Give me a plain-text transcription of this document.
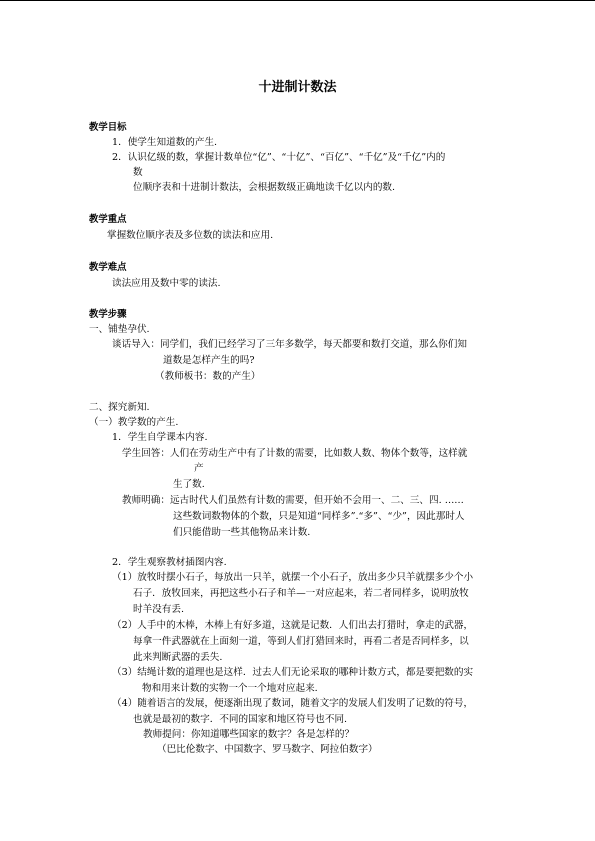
十进制计数法
教学目标
1．使学生知道数的产生.
2．认识亿级的数，掌握计数单位“亿”、“十亿”、“百亿”、“千亿”及“千亿”内的
数
位顺序表和十进制计数法，会根据数级正确地读千亿以内的数.
教学重点
掌握数位顺序表及多位数的读法和应用.
教学难点
读法应用及数中零的读法.
教学步骤
一、铺垫孕伏.
谈话导入：同学们，我们已经学习了三年多数学，每天都要和数打交道，那么你们知
道数是怎样产生的吗?
（教师板书：数的产生）
二、探究新知.
（一）教学数的产生.
1．学生自学课本内容.
学生回答：人们在劳动生产中有了计数的需要，比如数人数、物体个数等，这样就
产
生了数.
教师明确：远古时代人们虽然有计数的需要，但开始不会用一、二、三、四. ……
这些数词数物体的个数，只是知道“同样多”.“多”、“少”，因此那时人
们只能借助一些其他物品来计数.
2．学生观察教材插图内容.
（1）放牧时摆小石子，每放出一只羊，就摆一个小石子，放出多少只羊就摆多少个小
石子．放牧回来，再把这些小石子和羊—一对应起来，若二者同样多，说明放牧
时羊没有丢.
（2）人手中的木棒，木棒上有好多道，这就是记数．人们出去打猎时，拿走的武器，
每拿一件武器就在上面刻一道，等到人们打猎回来时，再看二者是否同样多，以
此来判断武器的丢失.
（3）结绳计数的道理也是这样．过去人们无论采取的哪种计数方式，都是要把数的实
物和用来计数的实物一个一个地对应起来.
（4）随着语言的发展，便逐渐出现了数词，随着文字的发展人们发明了记数的符号，
也就是最初的数字．不同的国家和地区符号也不同.
教师提问：你知道哪些国家的数字？各是怎样的？
（巴比伦数字、中国数字、罗马数字、阿拉伯数字）
